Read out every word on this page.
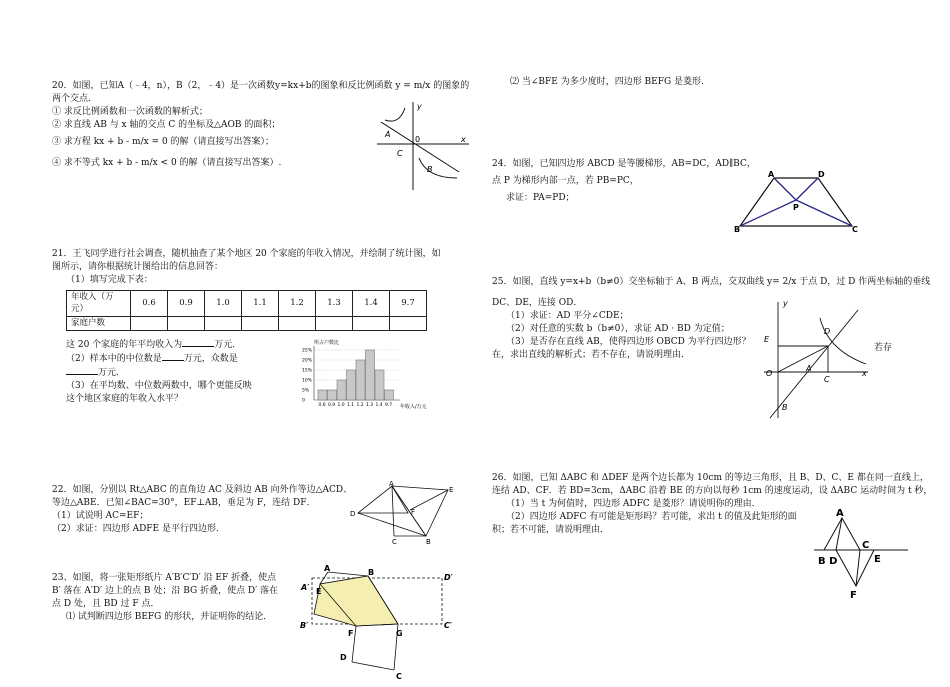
20．如图，已知A（﹣4，n），B（2，﹣4）是一次函数y=kx+b的图象和反比例函数 y = m/x 的图象的
两个交点．
① 求反比例函数和一次函数的解析式；
② 求直线 AB 与 x 轴的交点 C 的坐标及△AOB 的面积；
③ 求方程 kx + b - m/x = 0 的解（请直接写出答案）；
④ 求不等式 kx + b - m/x < 0 的解（请直接写出答案）.
y
x
0
A
C
B
21．王飞同学进行社会调查，随机抽查了某个地区 20 个家庭的年收入情况，并绘制了统计图，如
图所示，请你根据统计图给出的信息回答：
（1）填写完成下表：
年收入（万元）	0.6	0.9	1.0	1.1	1.2	1.3	1.4	9.7
家庭户数								
这 20 个家庭的年平均收入为	万元．
（2）样本中的中位数是 万元，众数是
万元．
（3）在平均数、中位数两数中，哪个更能反映
这个地区家庭的年收入水平？
所占户数比
年收入/万元
25%
20%
15%
10%
5%
0
0.6 0.9 1.0 1.1 1.2 1.3 1.4 9.7
22．如图，分别以 Rt△ABC 的直角边 AC 及斜边 AB 向外作等边△ACD、
等边△ABE．已知∠BAC=30°，EF⊥AB，垂足为 F，连结 DF．
（1）试说明 AC=EF；
（2）求证：四边形 ADFE 是平行四边形．
A
E
D	F
C	B
23、如图，将一张矩形纸片 A′B′C′D′ 沿 EF 折叠，使点
B′ 落在 A′D′ 边上的点 B 处；沿 BG 折叠，使点 D′ 落在
点 D 处，且 BD 过 F 点．
⑴ 试判断四边形 BEFG 的形状，并证明你的结论．
A	B
D′
A′ E
B′
F	G
C′
D
C
⑵ 当∠BFE 为多少度时，四边形 BEFG 是菱形．
24．如图，已知四边形 ABCD 是等腰梯形，AB=DC，AD∥BC，
点 P 为梯形内部一点，若 PB=PC，
求证：PA=PD；
A	D
P
B	C
25．如图，直线 y=x+b（b≠0）交坐标轴于 A、B 两点，交双曲线 y= 2/x 于点 D，过 D 作两坐标轴的垂线
DC、DE，连接 OD．
（1）求证：AD 平分∠CDE；
（2）对任意的实数 b（b≠0），求证 AD · BD 为定值；
（3）是否存在直线 AB，使得四边形 OBCD 为平行四边形？
在，求出直线的解析式；若不存在，请说明理由．
若存
y
x
O
A
C
D
E
B
26．如图，已知 ΔABC 和 ΔDEF 是两个边长都为 10cm 的等边三角形，且 B、D、C、E 都在同一直线上，
连结 AD、CF．若 BD=3cm，ΔABC 沿着 BE 的方向以每秒 1cm 的速度运动，设 ΔABC 运动时间为 t 秒，
（1）当 t 为何值时，四边形 ADFC 是菱形？请说明你的理由．
（2）四边形 ADFC 有可能是矩形吗？若可能，求出 t 的值及此矩形的面
积；若不可能，请说明理由．
A
C
B D	E
F
